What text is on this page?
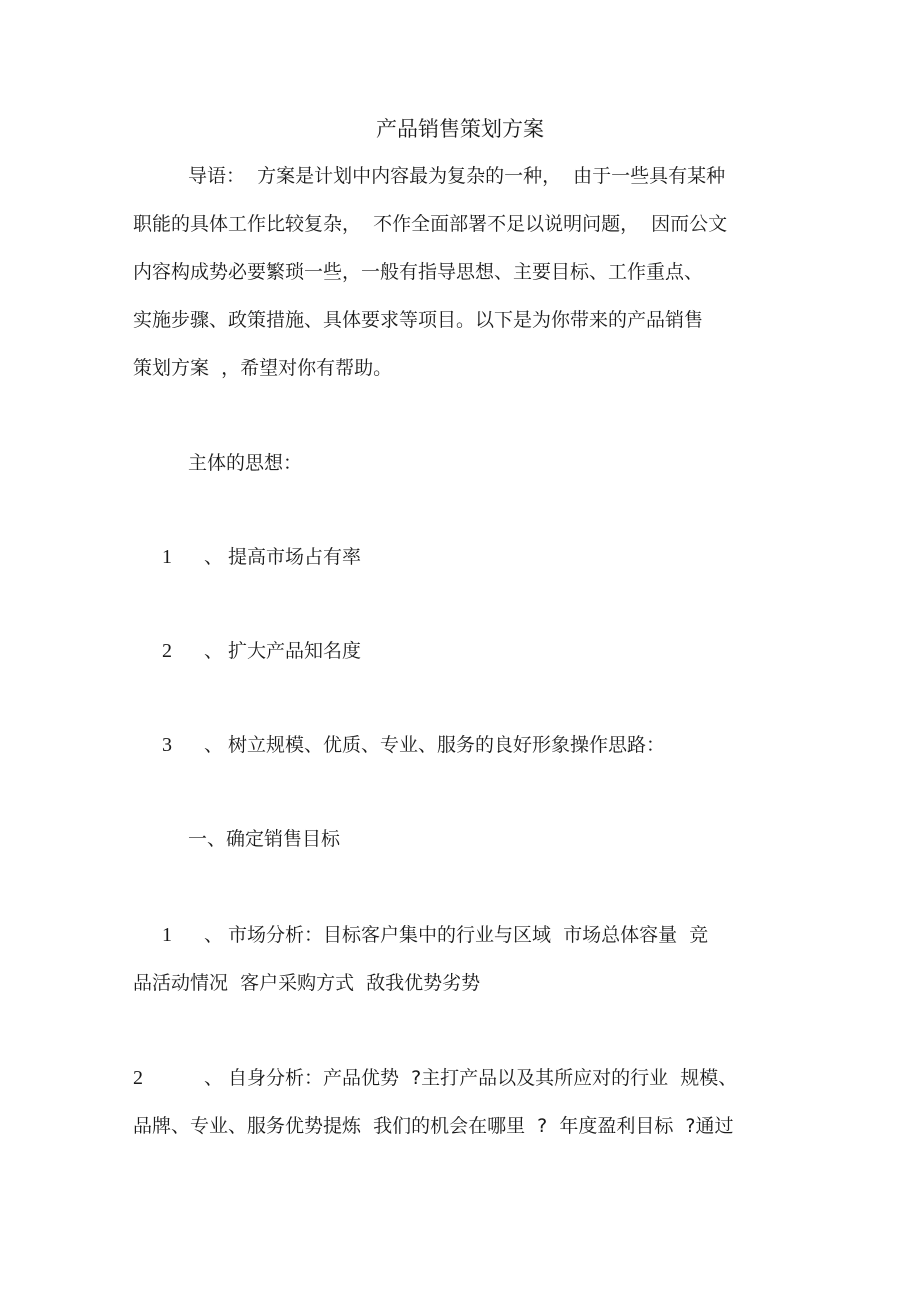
产品销售策划方案
导语：  方案是计划中内容最为复杂的一种，  由于一些具有某种
职能的具体工作比较复杂，  不作全面部署不足以说明问题，  因而公文
内容构成势必要繁琐一些，一般有指导思想、主要目标、工作重点、
实施步骤、政策措施、具体要求等项目。以下是为你带来的产品销售
策划方案  ，希望对你有帮助。
主体的思想：
1 、 提高市场占有率
2 、 扩大产品知名度
3 、 树立规模、优质、专业、服务的良好形象操作思路：
一、确定销售目标
1 、 市场分析：目标客户集中的行业与区域  市场总体容量  竞
品活动情况  客户采购方式  敌我优势劣势
2	、 自身分析：产品优势  ?主打产品以及其所应对的行业  规模、
品牌、专业、服务优势提炼  我们的机会在哪里  ?  年度盈利目标  ?通过
